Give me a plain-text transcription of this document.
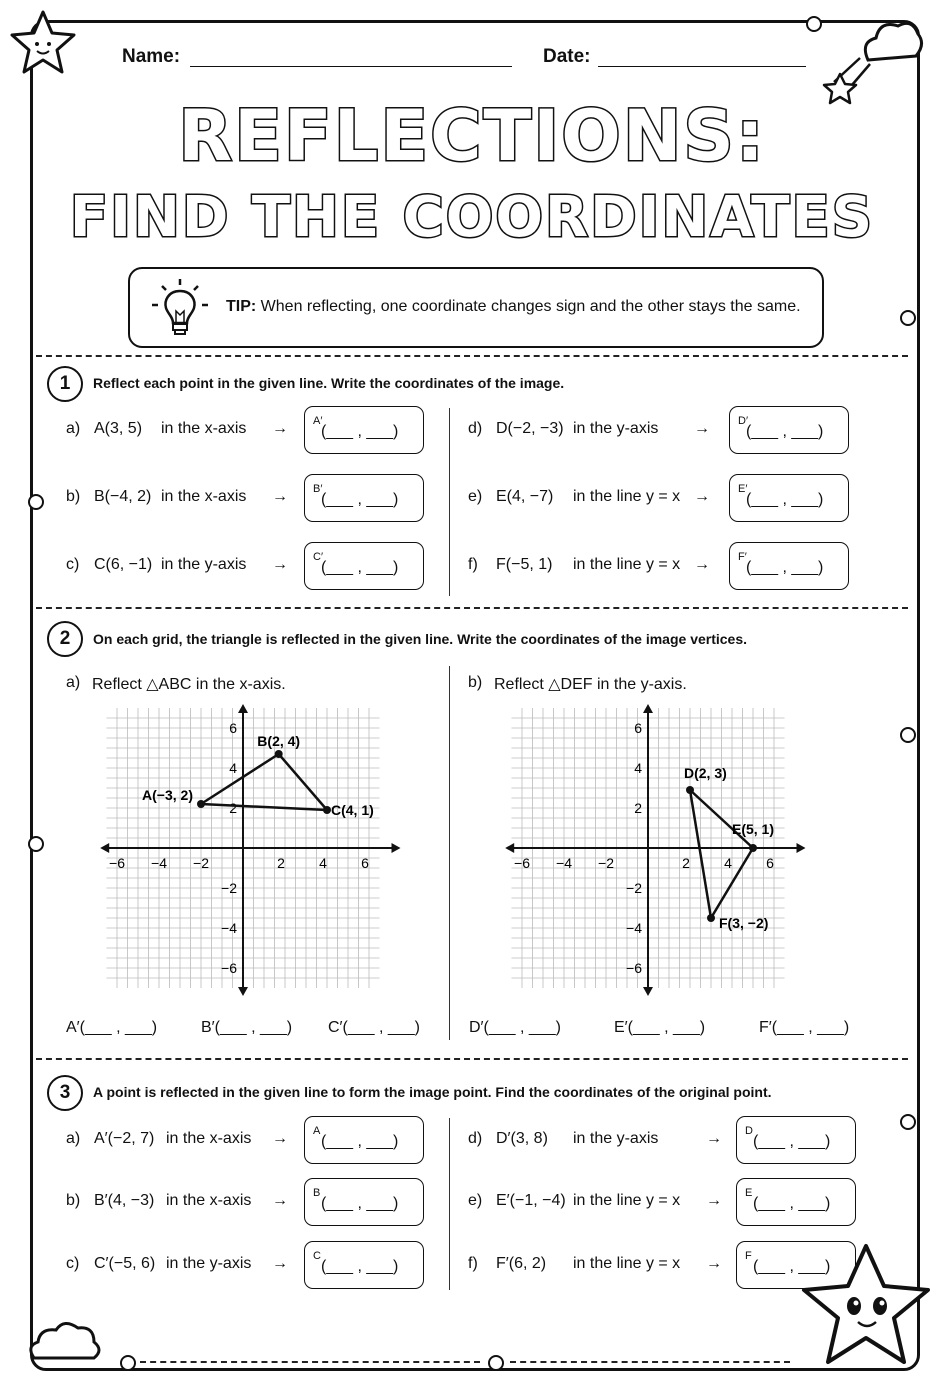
Name:	Date:
REFLECTIONS:
FIND THE COORDINATES
TIP: When reflecting, one coordinate changes sign and the other stays the same.
1	Reflect each point in the given line. Write the coordinates of the image.
a) A(3, 5) in the x-axis → A′
(___ , ___)
b) B(−4, 2) in the x-axis → B′
(___ , ___)
c) C(6, −1) in the y-axis → C′
(___ , ___)
d) D(−2, −3) in the y-axis →	D′
(___ , ___)
e) E(4, −7) in the line y = x →	E′
(___ , ___)
f) F(−5, 1) in the line y = x →	F′
(___ , ___)
2	On each grid, the triangle is reflected in the given line. Write the coordinates of the image vertices.
a) Reflect △ABC in the x-axis.	b) Reflect △DEF in the y-axis.
−6 −4 −2	2 4 6
6
4
2
−2
−4
−6
A(−3, 2)
B(2, 4)
C(4, 1)
−6 −4 −2	2 4 6
6
4
2
−2
−4
−6
D(2, 3)
E(5, 1)
F(3, −2)
A′(___ , ___)	B′(___ , ___) C′(___ , ___)	D′(___ , ___)	E′(___ , ___)	F′(___ , ___)
3	A point is reflected in the given line to form the image point. Find the coordinates of the original point.
a) A′(−2, 7) in the x-axis → A
(___ , ___)
b) B′(4, −3) in the x-axis → B
(___ , ___)
c) C′(−5, 6) in the y-axis → C
(___ , ___)
d) D′(3, 8) in the y-axis	→ D
(___ , ___)
e) E′(−1, −4) in the line y = x → E
(___ , ___)
f) F′(6, 2) in the line y = x → F
(___ , ___)
